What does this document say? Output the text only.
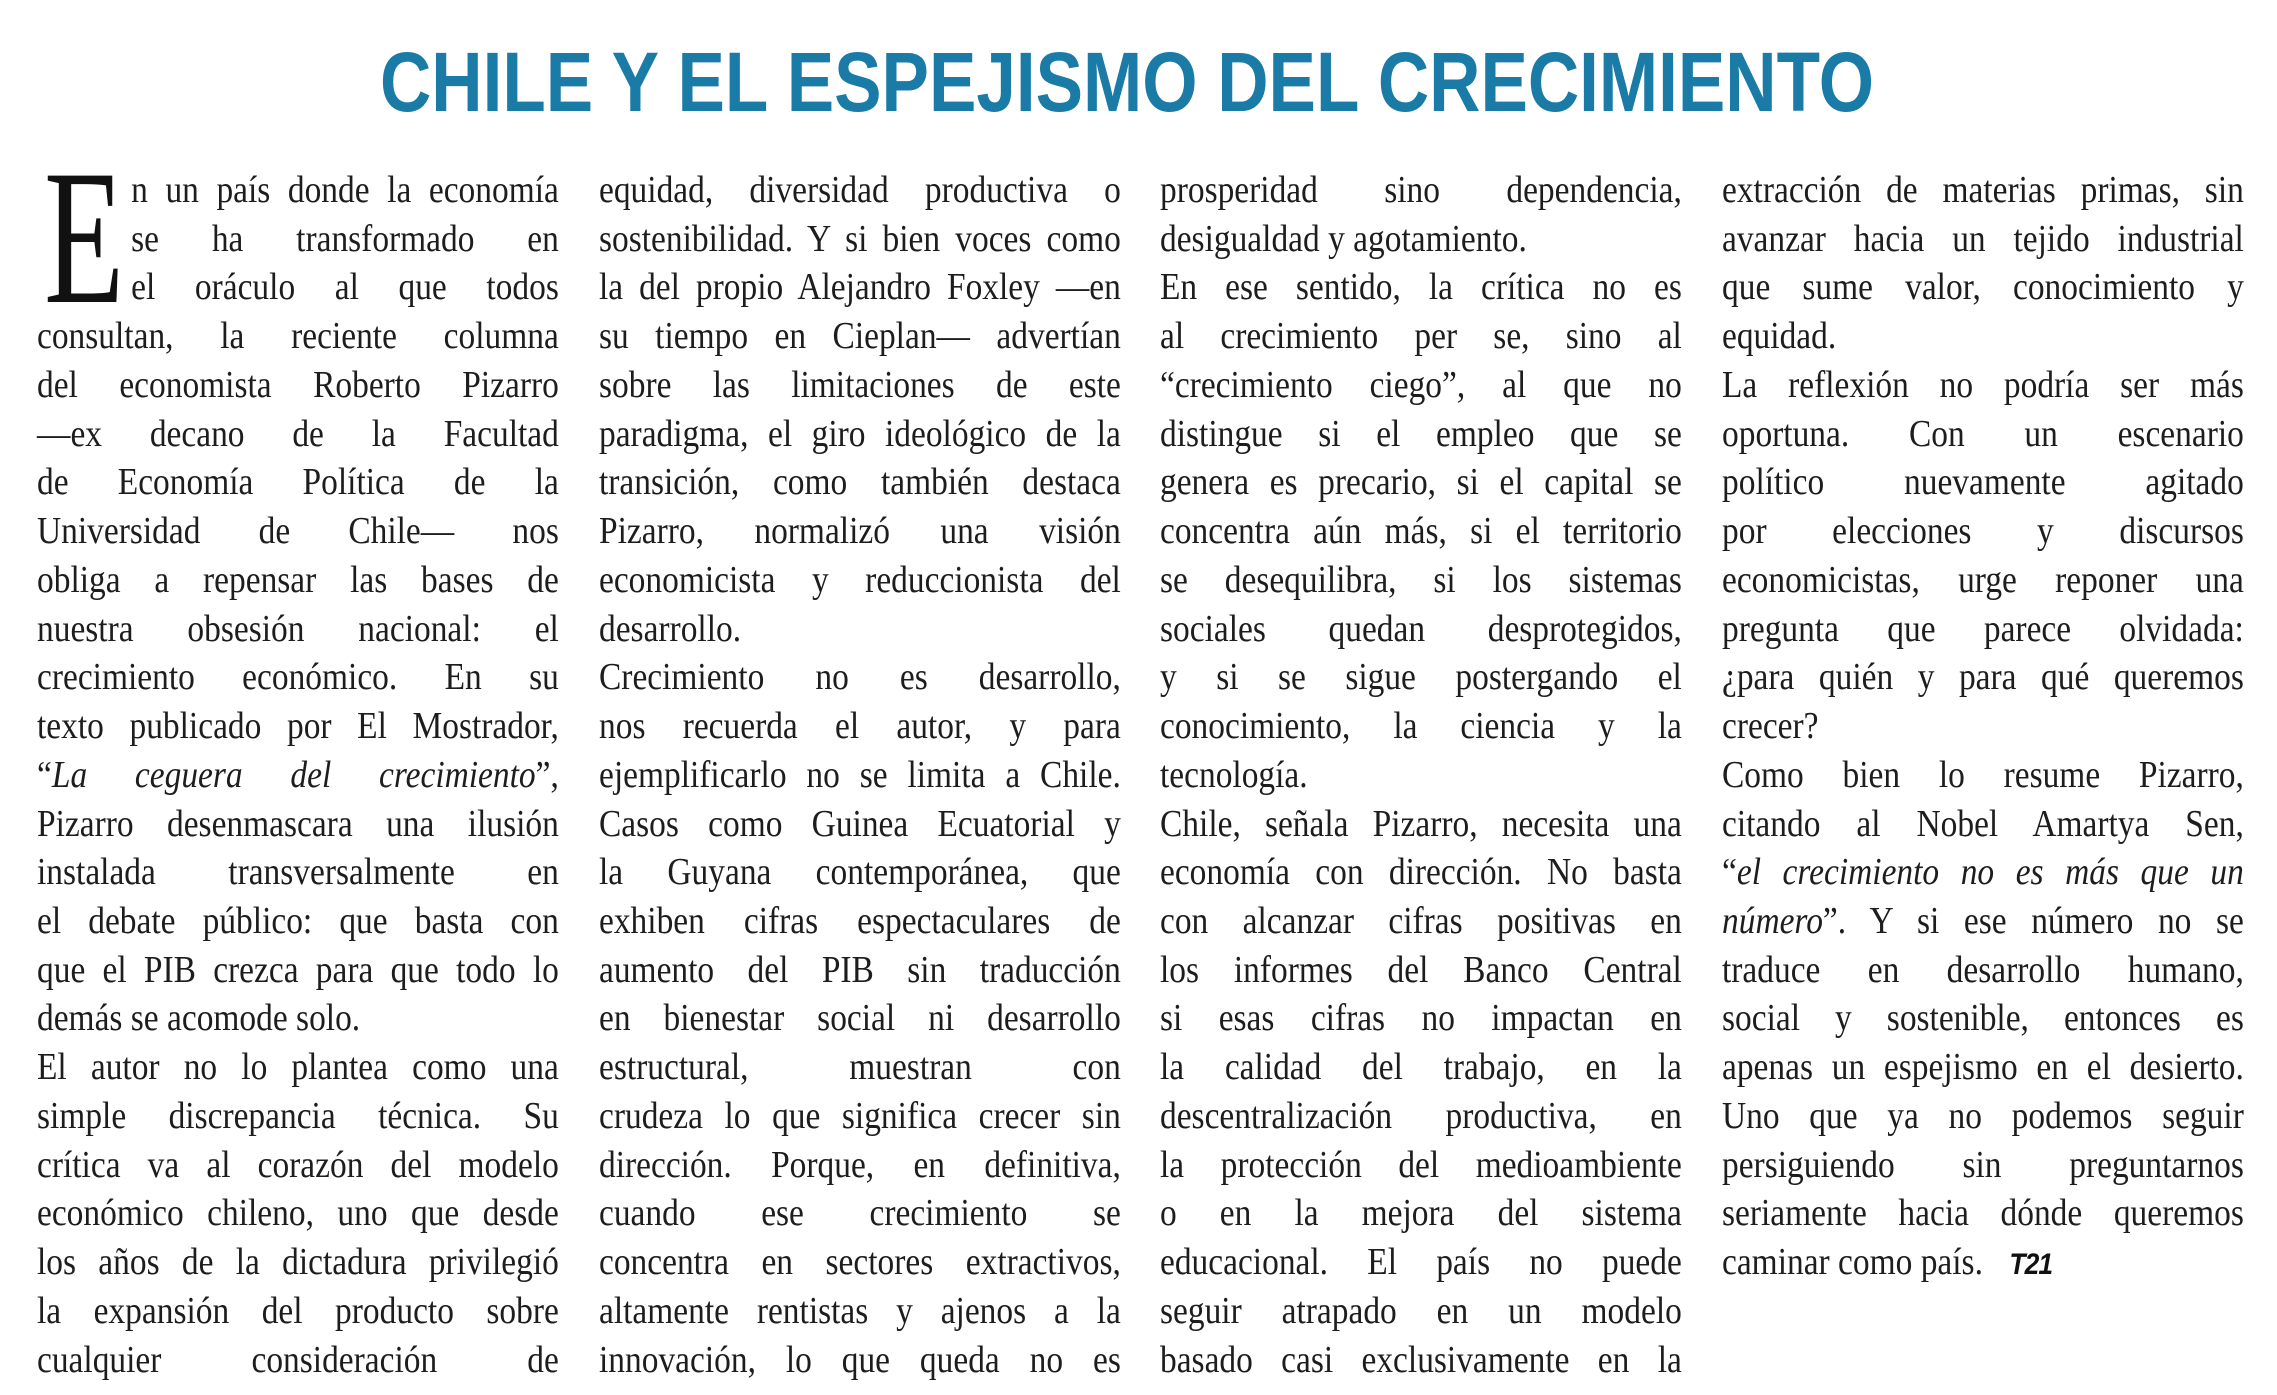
CHILE Y EL ESPEJISMO DEL CRECIMIENTO
E n un país donde la economía
se ha transformado en
el oráculo al que todos
consultan, la reciente columna
del economista Roberto Pizarro
—ex decano de la Facultad
de Economía Política de la
Universidad de Chile— nos
obliga a repensar las bases de
nuestra obsesión nacional: el
crecimiento económico. En su
texto publicado por El Mostrador,
“La ceguera del crecimiento”,
Pizarro desenmascara una ilusión
instalada transversalmente en
el debate público: que basta con
que el PIB crezca para que todo lo
demás se acomode solo.
El autor no lo plantea como una
simple discrepancia técnica. Su
crítica va al corazón del modelo
económico chileno, uno que desde
los años de la dictadura privilegió
la expansión del producto sobre
cualquier consideración de
equidad, diversidad productiva o
sostenibilidad. Y si bien voces como
la del propio Alejandro Foxley —en
su tiempo en Cieplan— advertían
sobre las limitaciones de este
paradigma, el giro ideológico de la
transición, como también destaca
Pizarro, normalizó una visión
economicista y reduccionista del
desarrollo.
Crecimiento no es desarrollo,
nos recuerda el autor, y para
ejemplificarlo no se limita a Chile.
Casos como Guinea Ecuatorial y
la Guyana contemporánea, que
exhiben cifras espectaculares de
aumento del PIB sin traducción
en bienestar social ni desarrollo
estructural, muestran con
crudeza lo que significa crecer sin
dirección. Porque, en definitiva,
cuando ese crecimiento se
concentra en sectores extractivos,
altamente rentistas y ajenos a la
innovación, lo que queda no es
prosperidad sino dependencia,
desigualdad y agotamiento.
En ese sentido, la crítica no es
al crecimiento per se, sino al
“crecimiento ciego”, al que no
distingue si el empleo que se
genera es precario, si el capital se
concentra aún más, si el territorio
se desequilibra, si los sistemas
sociales quedan desprotegidos,
y si se sigue postergando el
conocimiento, la ciencia y la
tecnología.
Chile, señala Pizarro, necesita una
economía con dirección. No basta
con alcanzar cifras positivas en
los informes del Banco Central
si esas cifras no impactan en
la calidad del trabajo, en la
descentralización productiva, en
la protección del medioambiente
o en la mejora del sistema
educacional. El país no puede
seguir atrapado en un modelo
basado casi exclusivamente en la
extracción de materias primas, sin
avanzar hacia un tejido industrial
que sume valor, conocimiento y
equidad.
La reflexión no podría ser más
oportuna. Con un escenario
político nuevamente agitado
por elecciones y discursos
economicistas, urge reponer una
pregunta que parece olvidada:
¿para quién y para qué queremos
crecer?
Como bien lo resume Pizarro,
citando al Nobel Amartya Sen,
“el crecimiento no es más que un
número”. Y si ese número no se
traduce en desarrollo humano,
social y sostenible, entonces es
apenas un espejismo en el desierto.
Uno que ya no podemos seguir
persiguiendo sin preguntarnos
seriamente hacia dónde queremos
caminar como país. T21
